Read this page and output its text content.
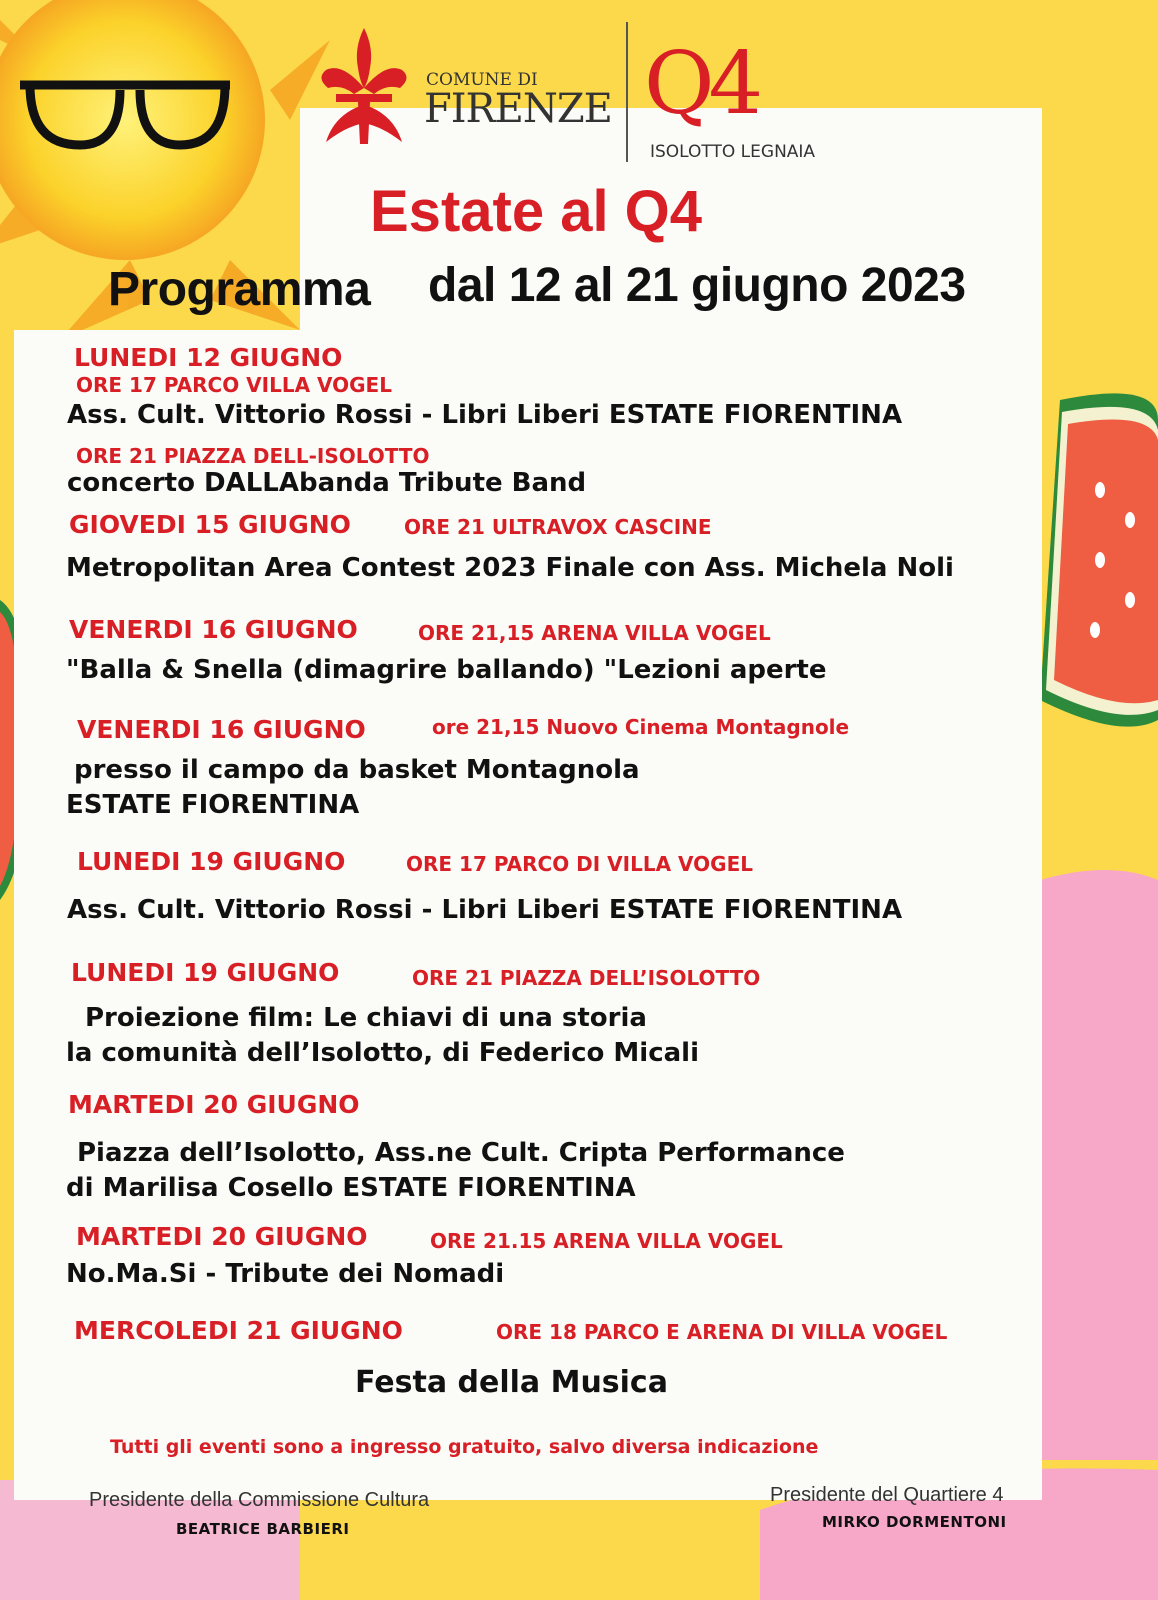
COMUNE DI
FIRENZE Q4
ISOLOTTO LEGNAIA
Estate al Q4
Programma dal 12 al 21 giugno 2023
LUNEDI 12 GIUGNO
ORE 17 PARCO VILLA VOGEL
Ass. Cult. Vittorio Rossi - Libri Liberi ESTATE FIORENTINA
ORE 21 PIAZZA DELL-ISOLOTTO
concerto DALLAbanda Tribute Band
GIOVEDI 15 GIUGNO	ORE 21 ULTRAVOX CASCINE
Metropolitan Area Contest 2023 Finale con Ass. Michela Noli
VENERDI 16 GIUGNO	ORE 21,15 ARENA VILLA VOGEL
"Balla & Snella (dimagrire ballando) "Lezioni aperte
VENERDI 16 GIUGNO	ore 21,15 Nuovo Cinema Montagnole
presso il campo da basket Montagnola
ESTATE FIORENTINA
LUNEDI 19 GIUGNO	ORE 17 PARCO DI VILLA VOGEL
Ass. Cult. Vittorio Rossi - Libri Liberi ESTATE FIORENTINA
LUNEDI 19 GIUGNO	ORE 21 PIAZZA DELL’ISOLOTTO
Proiezione film: Le chiavi di una storia
la comunità dell’Isolotto, di Federico Micali
MARTEDI 20 GIUGNO
Piazza dell’Isolotto, Ass.ne Cult. Cripta Performance
di Marilisa Cosello ESTATE FIORENTINA
MARTEDI 20 GIUGNO	ORE 21.15 ARENA VILLA VOGEL
No.Ma.Si - Tribute dei Nomadi
MERCOLEDI 21 GIUGNO	ORE 18 PARCO E ARENA DI VILLA VOGEL
Festa della Musica
Tutti gli eventi sono a ingresso gratuito, salvo diversa indicazione
Presidente della Commissione Cultura
BEATRICE BARBIERI
Presidente del Quartiere 4
MIRKO DORMENTONI
